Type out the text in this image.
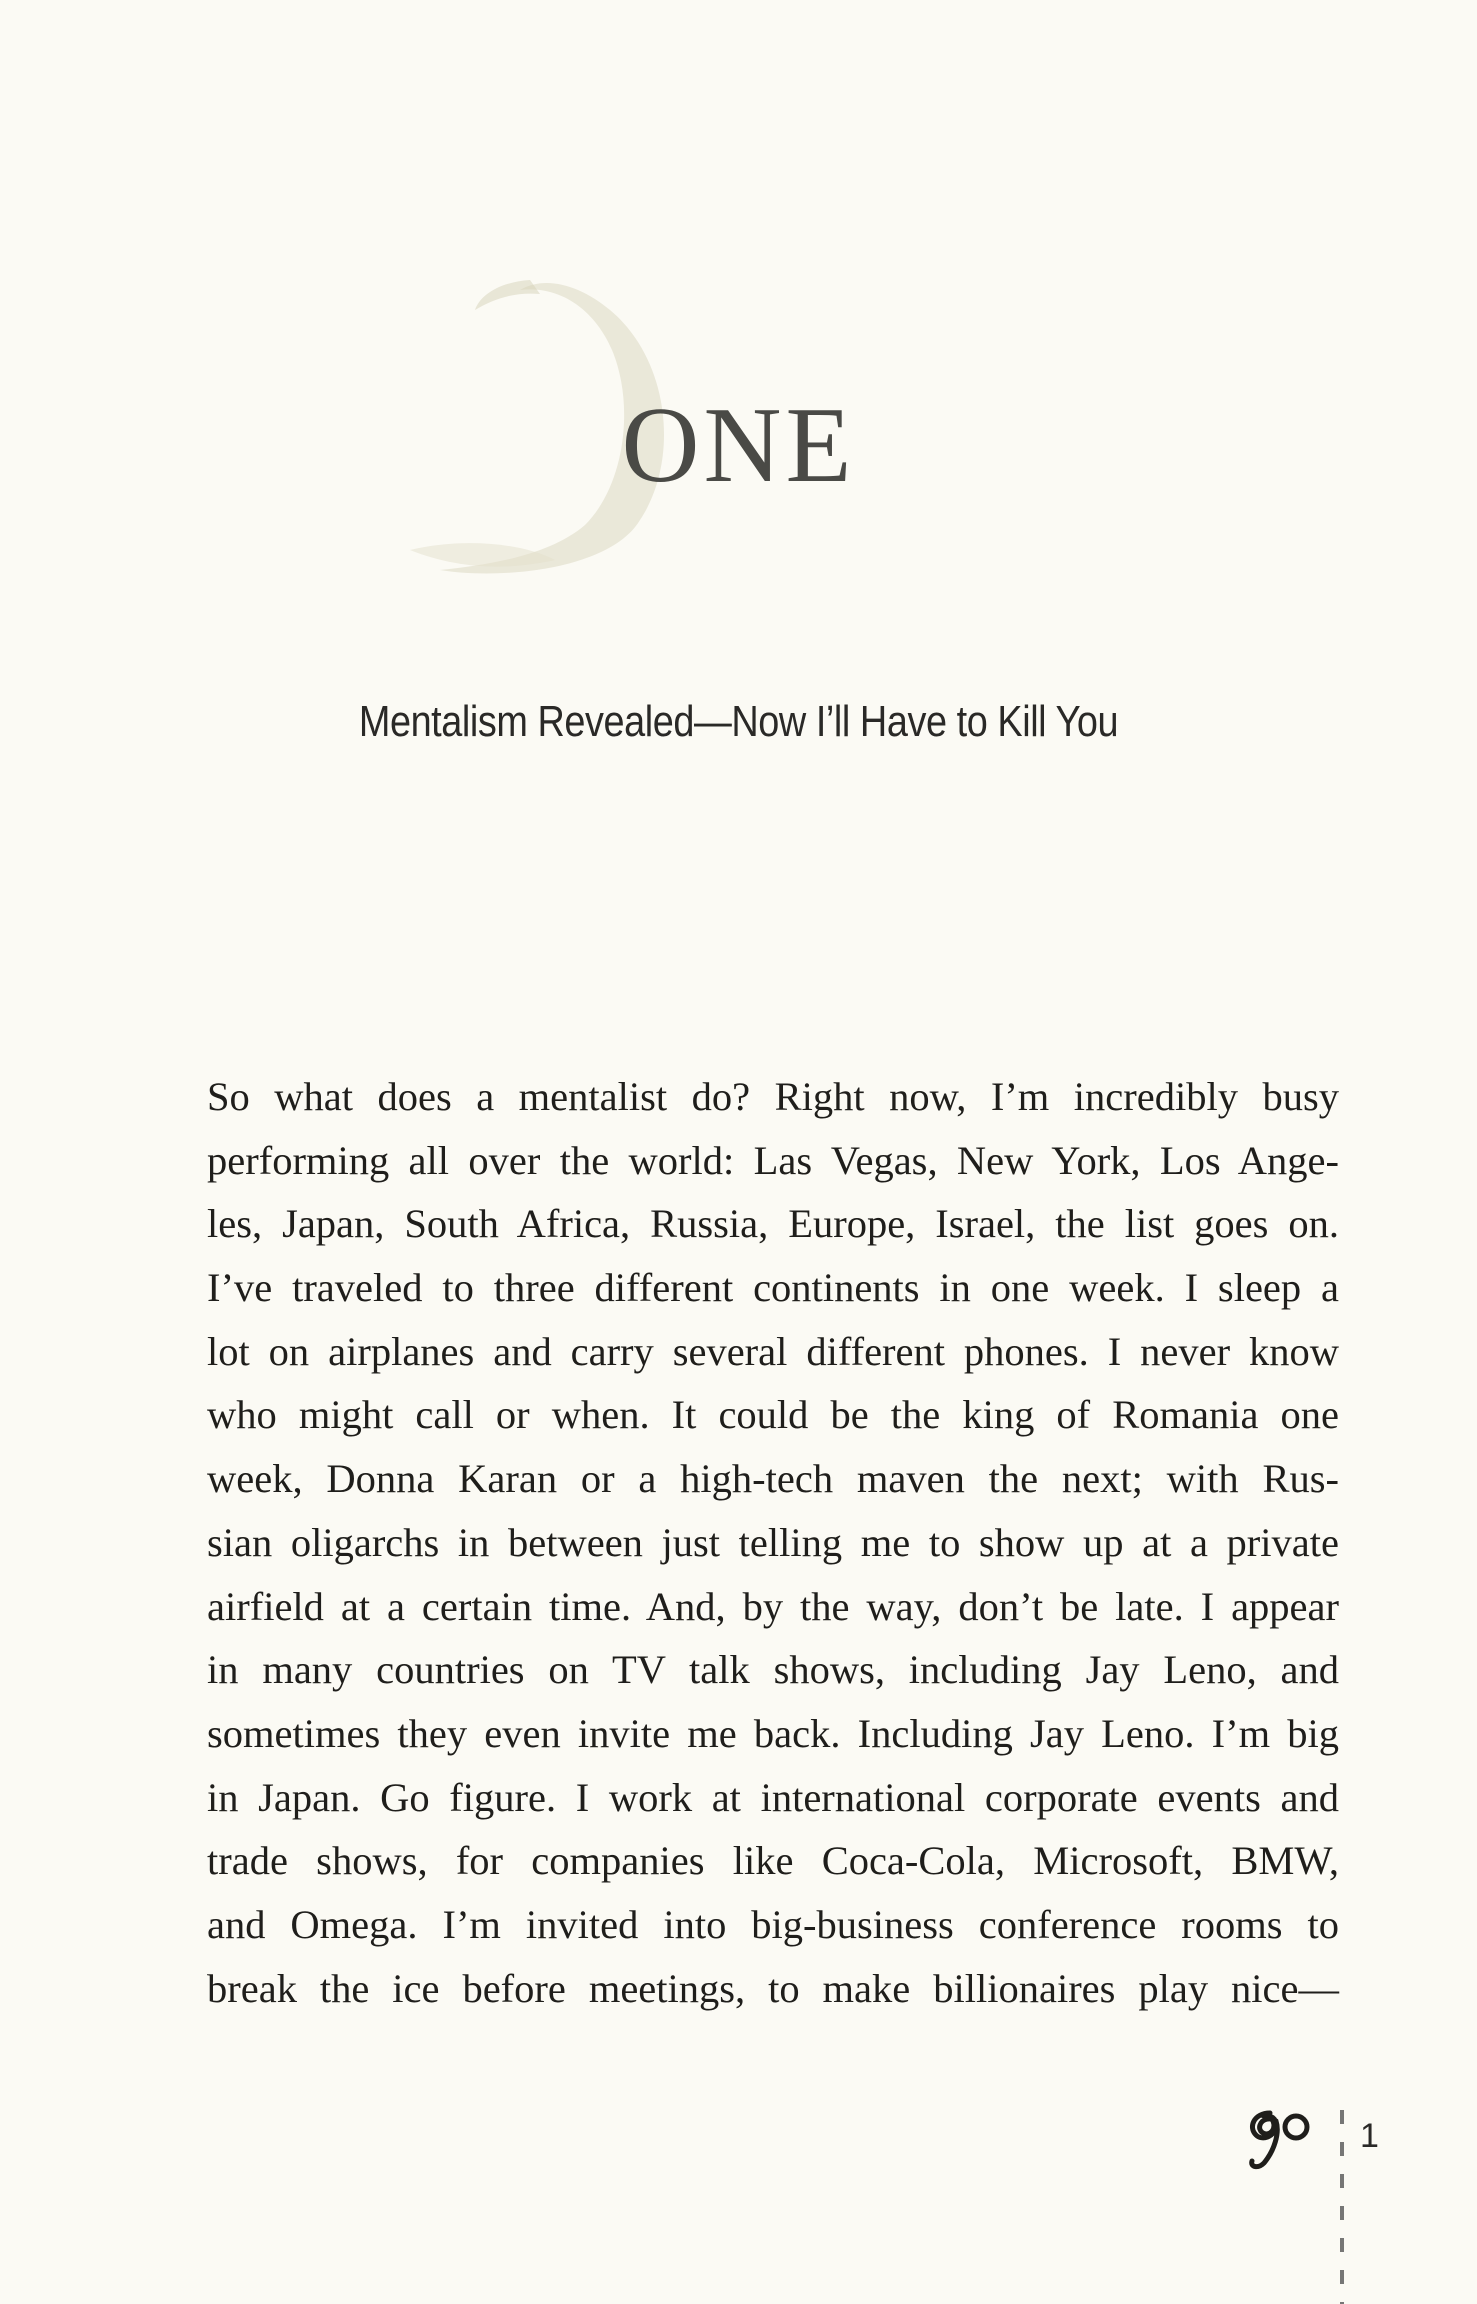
ONE
Mentalism Revealed—Now I’ll Have to Kill You
So what does a mentalist do? Right now, I’m incredibly busy
performing all over the world: Las Vegas, New York, Los Ange-
les, Japan, South Africa, Russia, Europe, Israel, the list goes on.
I’ve traveled to three different continents in one week. I sleep a
lot on airplanes and carry several different phones. I never know
who might call or when. It could be the king of Romania one
week, Donna Karan or a high-tech maven the next; with Rus-
sian oligarchs in between just telling me to show up at a private
airfield at a certain time. And, by the way, don’t be late. I appear
in many countries on TV talk shows, including Jay Leno, and
sometimes they even invite me back. Including Jay Leno. I’m big
in Japan. Go figure. I work at international corporate events and
trade shows, for companies like Coca-Cola, Microsoft, BMW,
and Omega. I’m invited into big-business conference rooms to
break the ice before meetings, to make billionaires play nice—
1
